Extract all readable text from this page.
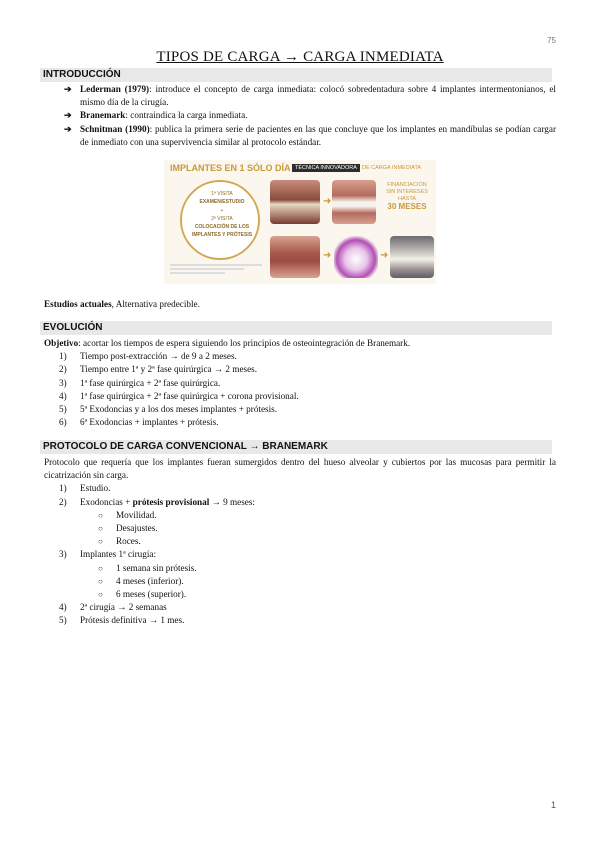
75
TIPOS DE CARGA → CARGA INMEDIATA
INTRODUCCIÓN
➔ Lederman (1979): introduce el concepto de carga inmediata: colocó sobredentadura sobre 4 implantes intermentonianos, el mismo día de la cirugía.
➔ Branemark: contraindica la carga inmediata.
➔ Schnitman (1990): publica la primera serie de pacientes en las que concluye que los implantes en mandíbulas se podían cargar de inmediato con una supervivencia similar al protocolo estándar.
IMPLANTES EN 1 SÓLO DÍA TÉCNICA INNOVADORA DE CARGA INMEDIATA
1ª VISITA
EXAMEN/ESTUDIO
+
2ª VISITA
COLOCACIÓN DE LOS
IMPLANTES Y PRÓTESIS
➜
FINANCIACIÓN
SIN INTERESES
HASTA
30 MESES
➜	➜
Estudios actuales, Alternativa predecible.
EVOLUCIÓN
Objetivo: acortar los tiempos de espera siguiendo los principios de osteointegración de Branemark.
1) Tiempo post-extracción → de 9 a 2 meses.
2) Tiempo entre 1ª y 2ª fase quirúrgica → 2 meses.
3) 1ª fase quirúrgica + 2ª fase quirúrgica.
4) 1ª fase quirúrgica + 2ª fase quirúrgica + corona provisional.
5) 5ª Exodoncias y a los dos meses implantes + prótesis.
6) 6ª Exodoncias + implantes + prótesis.
PROTOCOLO DE CARGA CONVENCIONAL → BRANEMARK
Protocolo que requería que los implantes fueran sumergidos dentro del hueso alveolar y cubiertos por las mucosas para permitir la cicatrización sin carga.
1) Estudio.
2) Exodoncias + prótesis provisional → 9 meses:
○ Movilidad.
○ Desajustes.
○ Roces.
3) Implantes 1ª cirugía:
○ 1 semana sin prótesis.
○ 4 meses (inferior).
○ 6 meses (superior).
4) 2ª cirugía → 2 semanas
5) Prótesis definitiva → 1 mes.
1
